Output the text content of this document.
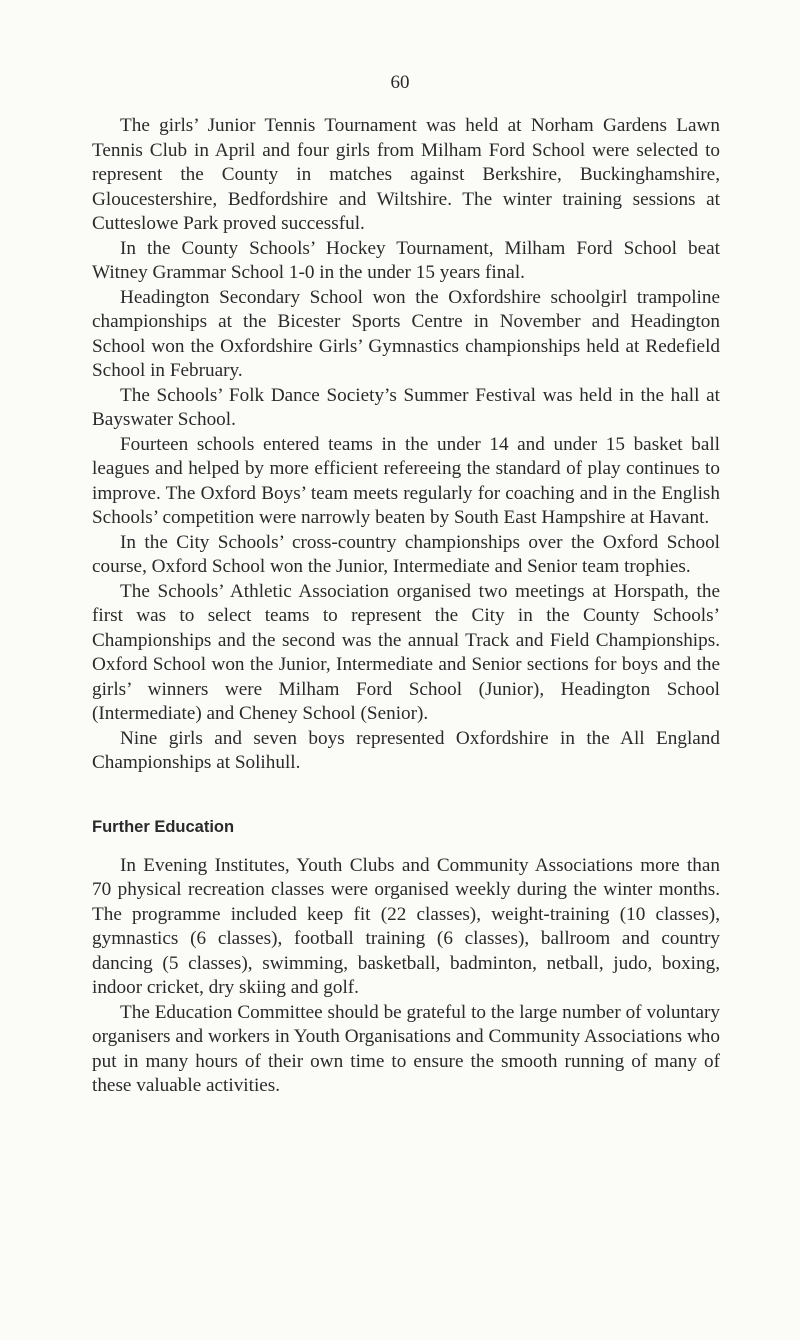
60

The girls’ Junior Tennis Tournament was held at Norham Gardens Lawn Tennis Club in April and four girls from Milham Ford School were selected to represent the County in matches against Berkshire, Buckinghamshire, Gloucestershire, Bedfordshire and Wiltshire. The winter training sessions at Cutteslowe Park proved successful.

In the County Schools’ Hockey Tournament, Milham Ford School beat Witney Grammar School 1-0 in the under 15 years final.

Headington Secondary School won the Oxfordshire schoolgirl trampoline championships at the Bicester Sports Centre in November and Headington School won the Oxfordshire Girls’ Gymnastics championships held at Redefield School in February.

The Schools’ Folk Dance Society’s Summer Festival was held in the hall at Bayswater School.

Fourteen schools entered teams in the under 14 and under 15 basket ball leagues and helped by more efficient refereeing the standard of play continues to improve. The Oxford Boys’ team meets regularly for coaching and in the English Schools’ competition were narrowly beaten by South East Hampshire at Havant.

In the City Schools’ cross-country championships over the Oxford School course, Oxford School won the Junior, Intermediate and Senior team trophies.

The Schools’ Athletic Association organised two meetings at Horspath, the first was to select teams to represent the City in the County Schools’ Championships and the second was the annual Track and Field Championships. Oxford School won the Junior, Intermediate and Senior sections for boys and the girls’ winners were Milham Ford School (Junior), Headington School (Intermediate) and Cheney School (Senior).

Nine girls and seven boys represented Oxfordshire in the All England Championships at Solihull.

Further Education

In Evening Institutes, Youth Clubs and Community Associations more than 70 physical recreation classes were organised weekly during the winter months. The programme included keep fit (22 classes), weight-training (10 classes), gymnastics (6 classes), football training (6 classes), ballroom and country dancing (5 classes), swimming, basketball, badminton, netball, judo, boxing, indoor cricket, dry skiing and golf.

The Education Committee should be grateful to the large number of voluntary organisers and workers in Youth Organisations and Community Associations who put in many hours of their own time to ensure the smooth running of many of these valuable activities.
